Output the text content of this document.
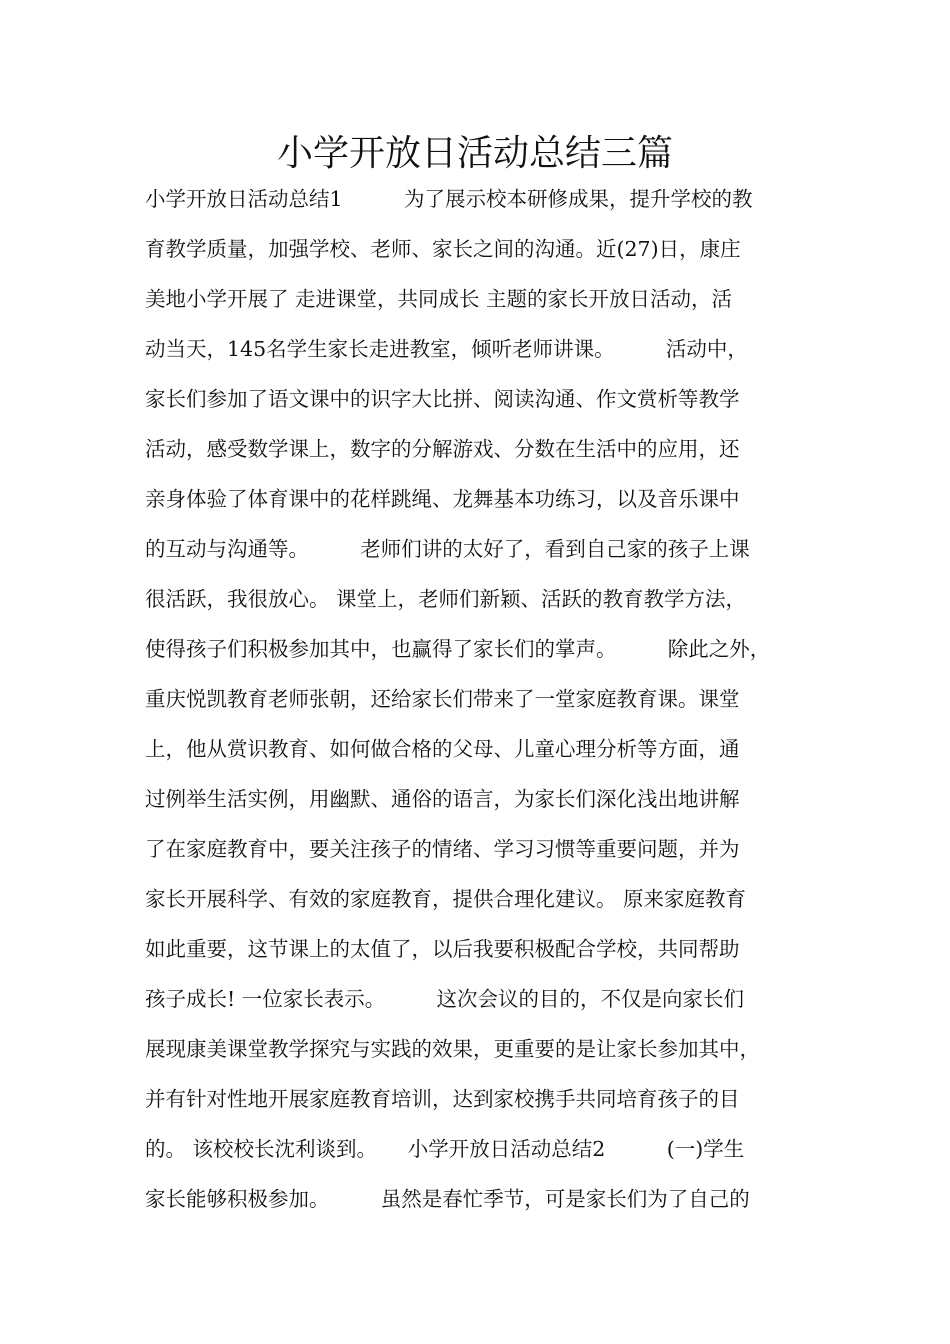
小学开放日活动总结三篇
小学开放日活动总结1　　　为了展示校本研修成果，提升学校的教
育教学质量，加强学校、老师、家长之间的沟通。近(27)日，康庄
美地小学开展了 走进课堂，共同成长 主题的家长开放日活动，活
动当天，145名学生家长走进教室，倾听老师讲课。　　　活动中，
家长们参加了语文课中的识字大比拼、阅读沟通、作文赏析等教学
活动，感受数学课上，数字的分解游戏、分数在生活中的应用，还
亲身体验了体育课中的花样跳绳、龙舞基本功练习，以及音乐课中
的互动与沟通等。　　　老师们讲的太好了，看到自己家的孩子上课
很活跃，我很放心。 课堂上，老师们新颖、活跃的教育教学方法，
使得孩子们积极参加其中，也赢得了家长们的掌声。　　　除此之外，
重庆悦凯教育老师张朝，还给家长们带来了一堂家庭教育课。课堂
上，他从赏识教育、如何做合格的父母、儿童心理分析等方面，通
过例举生活实例，用幽默、通俗的语言，为家长们深化浅出地讲解
了在家庭教育中，要关注孩子的情绪、学习习惯等重要问题，并为
家长开展科学、有效的家庭教育，提供合理化建议。 原来家庭教育
如此重要，这节课上的太值了，以后我要积极配合学校，共同帮助
孩子成长! 一位家长表示。　　　这次会议的目的，不仅是向家长们
展现康美课堂教学探究与实践的效果，更重要的是让家长参加其中，
并有针对性地开展家庭教育培训，达到家校携手共同培育孩子的目
的。 该校校长沈利谈到。　　小学开放日活动总结2　　　(一)学生
家长能够积极参加。　　　虽然是春忙季节，可是家长们为了自己的
